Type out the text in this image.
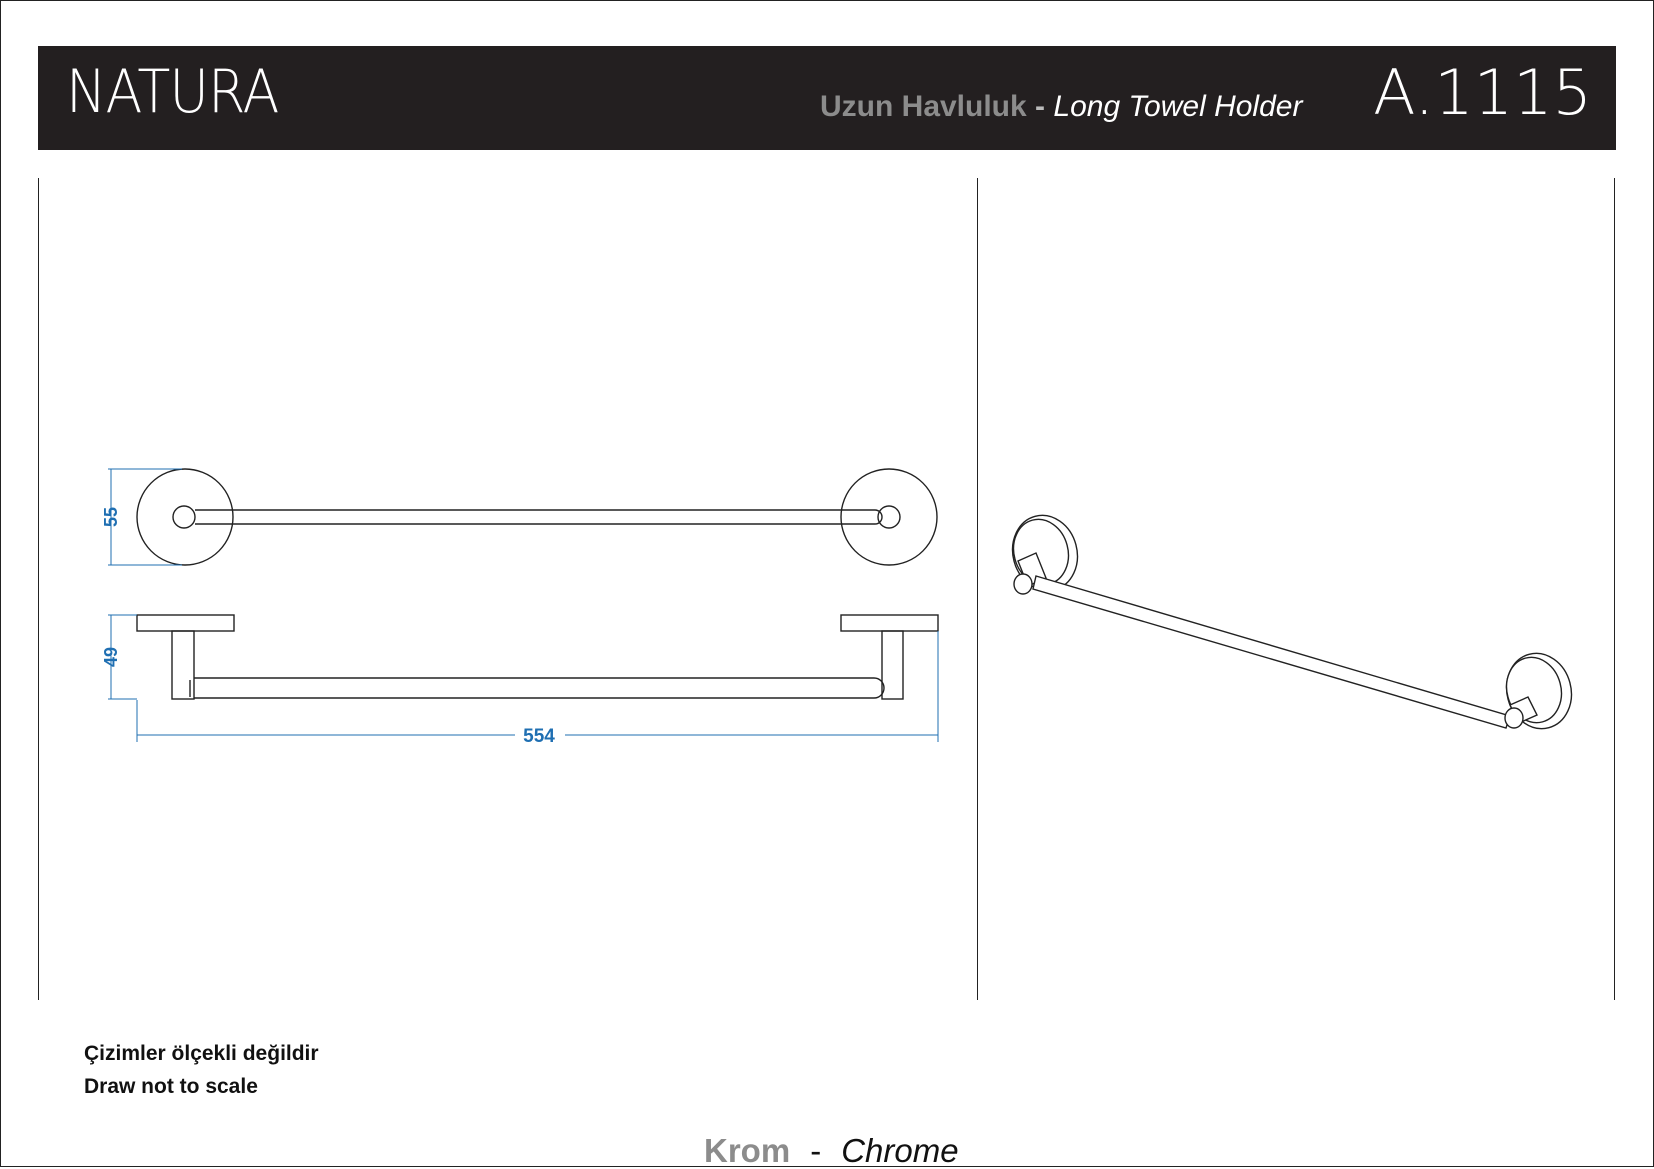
NATURA	Uzun Havluluk - Long Towel Holder A.1115
55
49
554
Çizimler ölçekli değildir
Draw not to scale
Krom - Chrome
